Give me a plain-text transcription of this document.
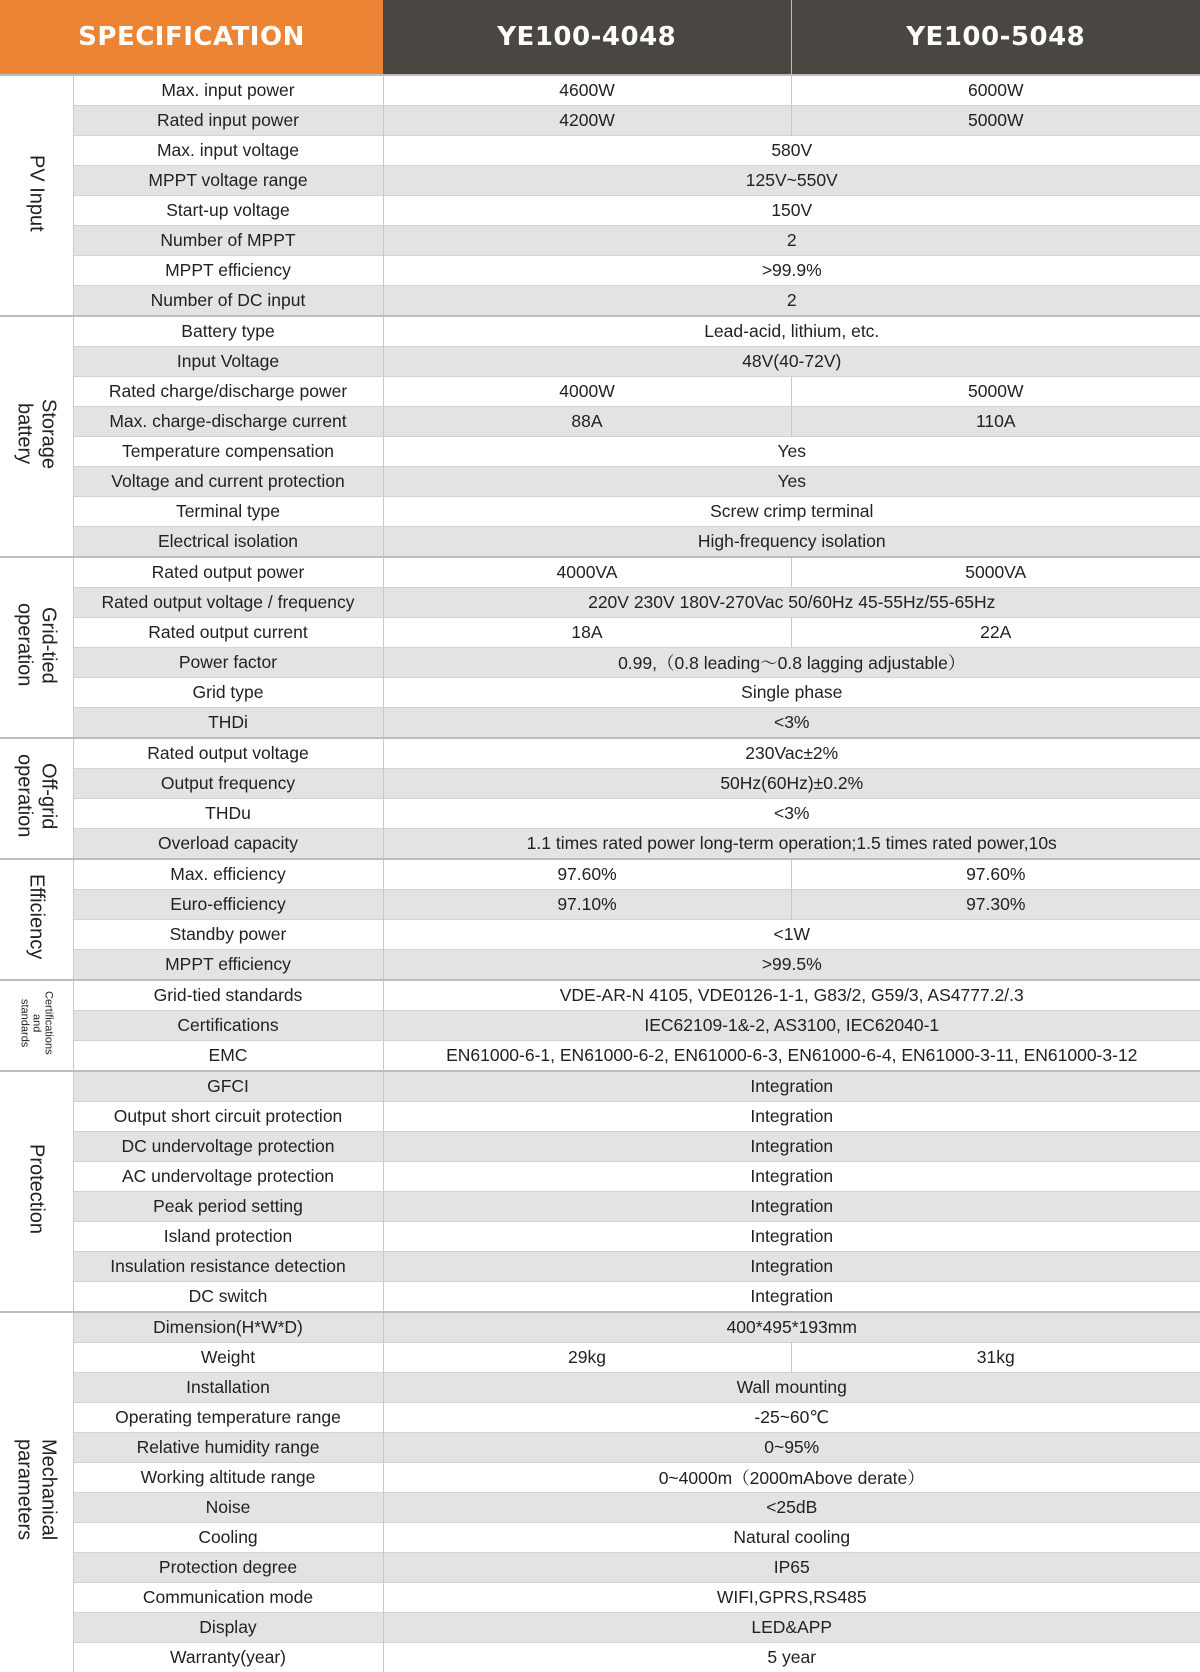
SPECIFICATION		YE100-4048	YE100-5048

PV Input	Max. input power	4600W	6000W
	Rated input power	4200W	5000W
	Max. input voltage	580V	
	MPPT voltage range	125V~550V	
	Start-up voltage	150V	
	Number of MPPT	2	
	MPPT efficiency	>99.9%	
	Number of DC input	2	

Storage
battery	Battery type	Lead-acid, lithium, etc.	
	Input Voltage	48V(40-72V)	
	Rated charge/discharge power	4000W	5000W
	Max. charge-discharge current	88A	110A
	Temperature compensation	Yes	
	Voltage and current protection	Yes	
	Terminal type	Screw crimp terminal	
	Electrical isolation	High-frequency isolation	

Grid-tied
operation	Rated output power	4000VA	5000VA
	Rated output voltage / frequency	220V 230V 180V-270Vac 50/60Hz 45-55Hz/55-65Hz	
	Rated output current	18A	22A
	Power factor	0.99,（0.8 leading～0.8 lagging adjustable）	
	Grid type	Single phase	
	THDi	<3%	

Off-grid
operation	Rated output voltage	230Vac±2%	
	Output frequency	50Hz(60Hz)±0.2%	
	THDu	<3%	
	Overload capacity	1.1 times rated power long-term operation;1.5 times rated power,10s	

Efficiency	Max. efficiency	97.60%	97.60%
	Euro-efficiency	97.10%	97.30%
	Standby power	<1W	
	MPPT efficiency	>99.5%	

Certifications
and
standards	Grid-tied standards	VDE-AR-N 4105, VDE0126-1-1, G83/2, G59/3, AS4777.2/.3	
	Certifications	IEC62109-1&-2, AS3100, IEC62040-1	
	EMC	EN61000-6-1, EN61000-6-2, EN61000-6-3, EN61000-6-4, EN61000-3-11, EN61000-3-12	

Protection	GFCI	Integration	
	Output short circuit protection	Integration	
	DC undervoltage protection	Integration	
	AC undervoltage protection	Integration	
	Peak period setting	Integration	
	Island protection	Integration	
	Insulation resistance detection	Integration	
	DC switch	Integration	

Mechanical
parameters	Dimension(H*W*D)	400*495*193mm	
	Weight	29kg	31kg
	Installation	Wall mounting	
	Operating temperature range	-25~60℃	
	Relative humidity range	0~95%	
	Working altitude range	0~4000m（2000mAbove derate）	
	Noise	<25dB	
	Cooling	Natural cooling	
	Protection degree	IP65	
	Communication mode	WIFI,GPRS,RS485	
	Display	LED&APP	
	Warranty(year)	5 year	
